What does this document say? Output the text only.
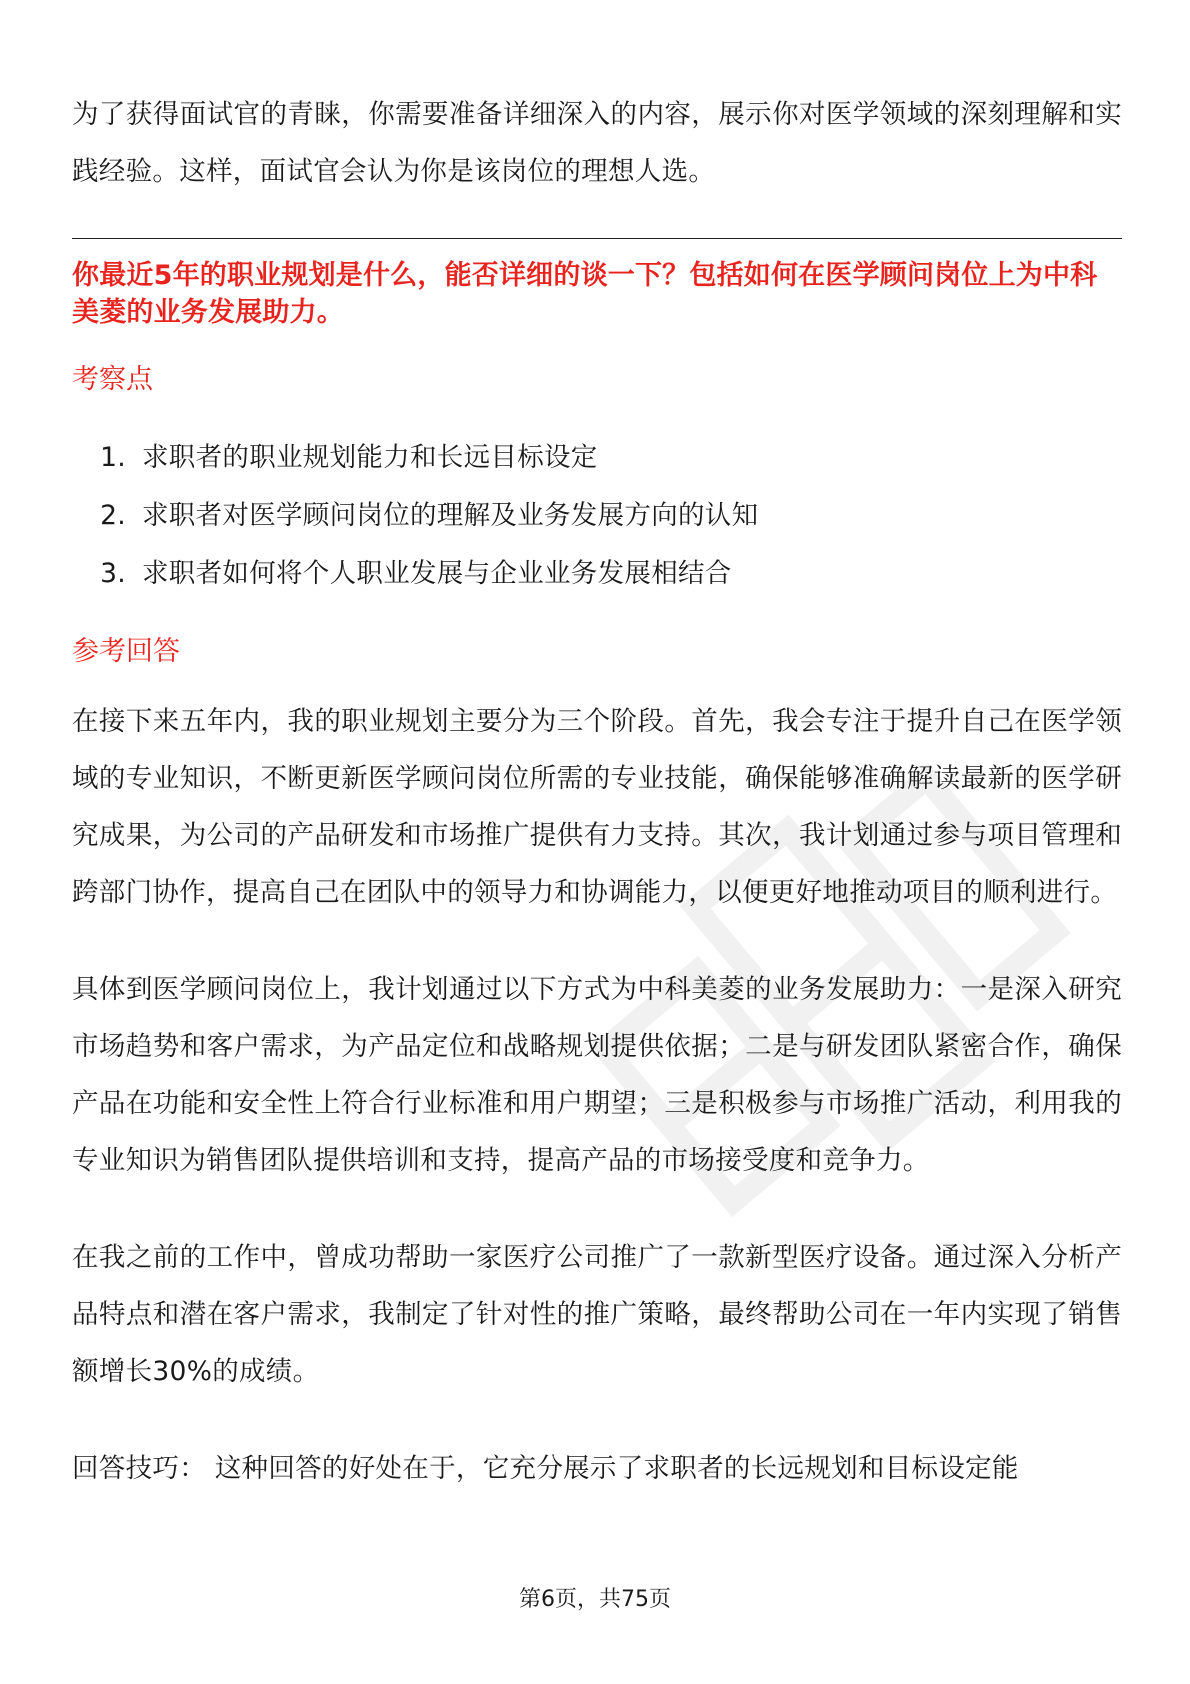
为了获得面试官的青睐，你需要准备详细深入的内容，展示你对医学领域的深刻理解和实践经验。这样，面试官会认为你是该岗位的理想人选。

你最近5年的职业规划是什么，能否详细的谈一下？包括如何在医学顾问岗位上为中科美菱的业务发展助力。

考察点
1. 求职者的职业规划能力和长远目标设定
2. 求职者对医学顾问岗位的理解及业务发展方向的认知
3. 求职者如何将个人职业发展与企业业务发展相结合
参考回答

在接下来五年内，我的职业规划主要分为三个阶段。首先，我会专注于提升自己在医学领域的专业知识，不断更新医学顾问岗位所需的专业技能，确保能够准确解读最新的医学研究成果，为公司的产品研发和市场推广提供有力支持。其次，我计划通过参与项目管理和跨部门协作，提高自己在团队中的领导力和协调能力，以便更好地推动项目的顺利进行。

具体到医学顾问岗位上，我计划通过以下方式为中科美菱的业务发展助力：一是深入研究市场趋势和客户需求，为产品定位和战略规划提供依据；二是与研发团队紧密合作，确保产品在功能和安全性上符合行业标准和用户期望；三是积极参与市场推广活动，利用我的专业知识为销售团队提供培训和支持，提高产品的市场接受度和竞争力。

在我之前的工作中，曾成功帮助一家医疗公司推广了一款新型医疗设备。通过深入分析产品特点和潜在客户需求，我制定了针对性的推广策略，最终帮助公司在一年内实现了销售额增长30%的成绩。

回答技巧： 这种回答的好处在于，它充分展示了求职者的长远规划和目标设定能

第6页，共75页
